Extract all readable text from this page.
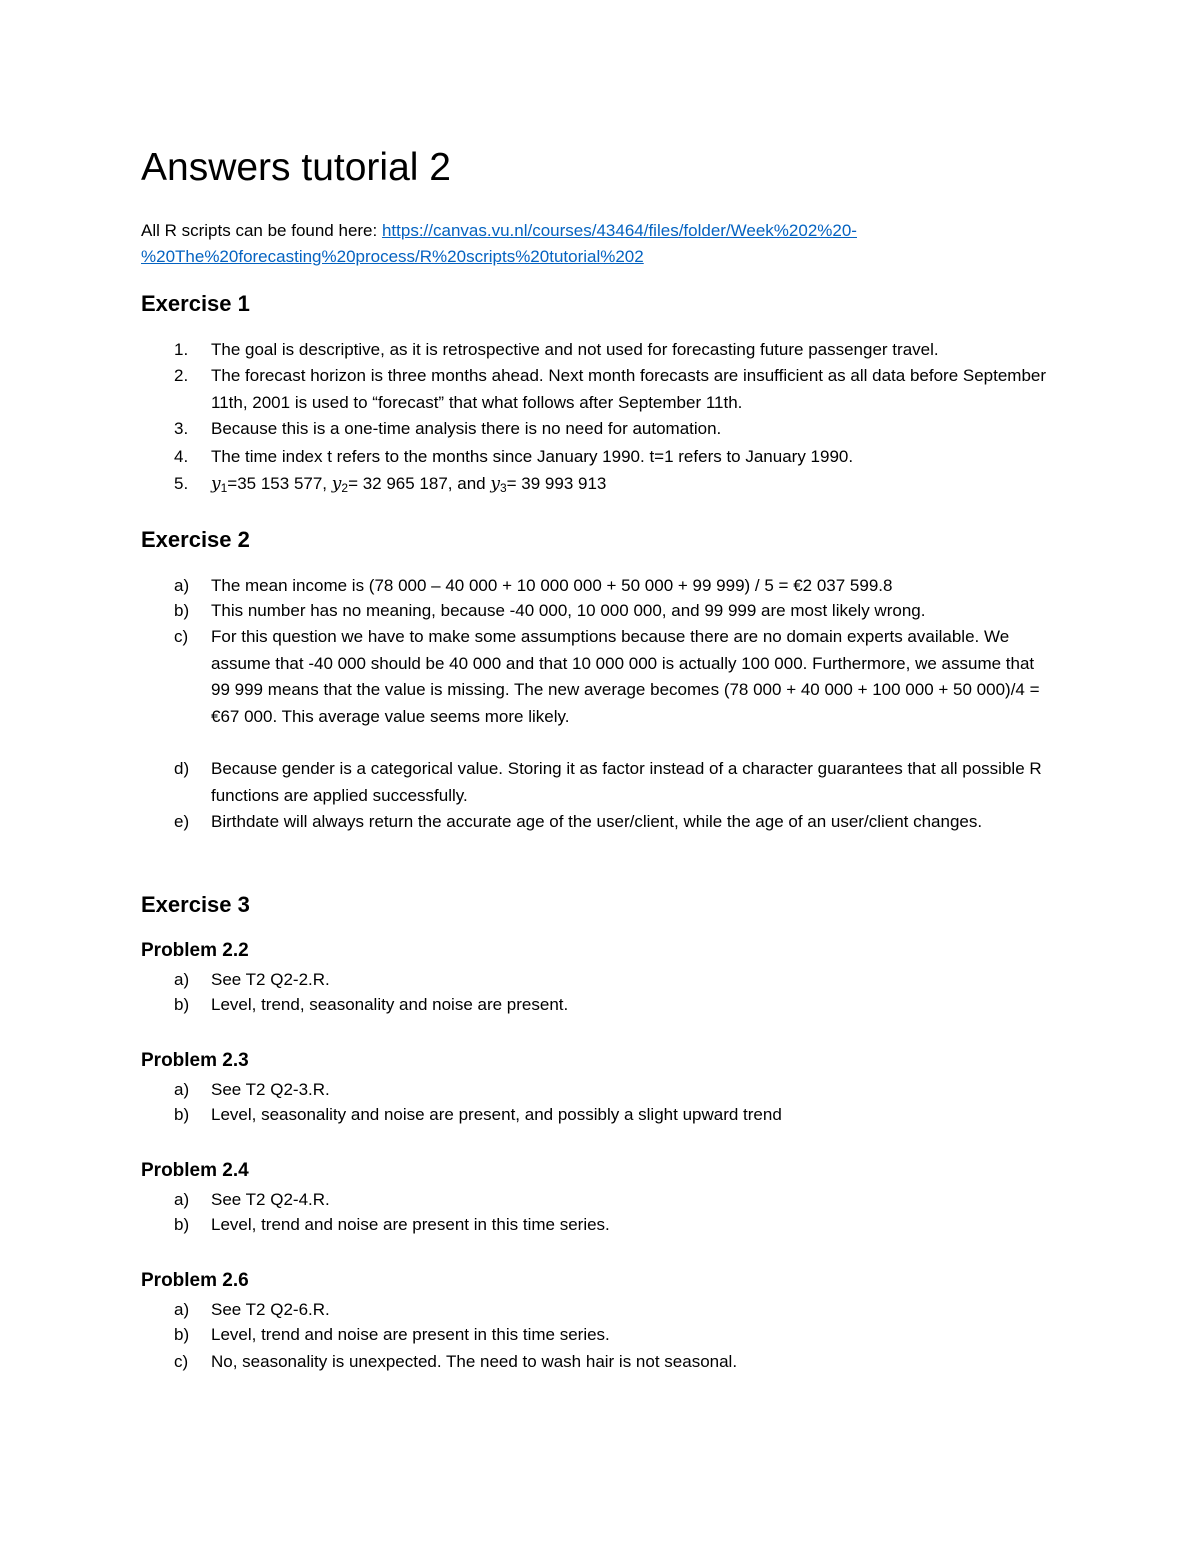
Answers tutorial 2
All R scripts can be found here: https://canvas.vu.nl/courses/43464/files/folder/Week%202%20-
%20The%20forecasting%20process/R%20scripts%20tutorial%202
Exercise 1
1.	The goal is descriptive, as it is retrospective and not used for forecasting future passenger travel.
2.	The forecast horizon is three months ahead. Next month forecasts are insufficient as all data before September 11th, 2001 is used to “forecast” that what follows after September 11th.
3.	Because this is a one-time analysis there is no need for automation.
4.	The time index t refers to the months since January 1990. t=1 refers to January 1990.
5.	$y_1=35$ 153 577, $y_2= 32$ 965 187, and $y_3= 39$ 993 913
Exercise 2
a)	The mean income is (78 000 – 40 000 + 10 000 000 + 50 000 + 99 999) / 5 = €2 037 599.8
b)	This number has no meaning, because -40 000, 10 000 000, and 99 999 are most likely wrong.
c)	For this question we have to make some assumptions because there are no domain experts available. We assume that -40 000 should be 40 000 and that 10 000 000 is actually 100 000. Furthermore, we assume that 99 999 means that the value is missing. The new average becomes (78 000 + 40 000 + 100 000 + 50 000)/4 = €67 000. This average value seems more likely.
d)	Because gender is a categorical value. Storing it as factor instead of a character guarantees that all possible R functions are applied successfully.
e)	Birthdate will always return the accurate age of the user/client, while the age of an user/client changes.
Exercise 3
Problem 2.2
a)	See T2 Q2-2.R.
b)	Level, trend, seasonality and noise are present.
Problem 2.3
a)	See T2 Q2-3.R.
b)	Level, seasonality and noise are present, and possibly a slight upward trend
Problem 2.4
a)	See T2 Q2-4.R.
b)	Level, trend and noise are present in this time series.
Problem 2.6
a)	See T2 Q2-6.R.
b)	Level, trend and noise are present in this time series.
c)	No, seasonality is unexpected. The need to wash hair is not seasonal.
